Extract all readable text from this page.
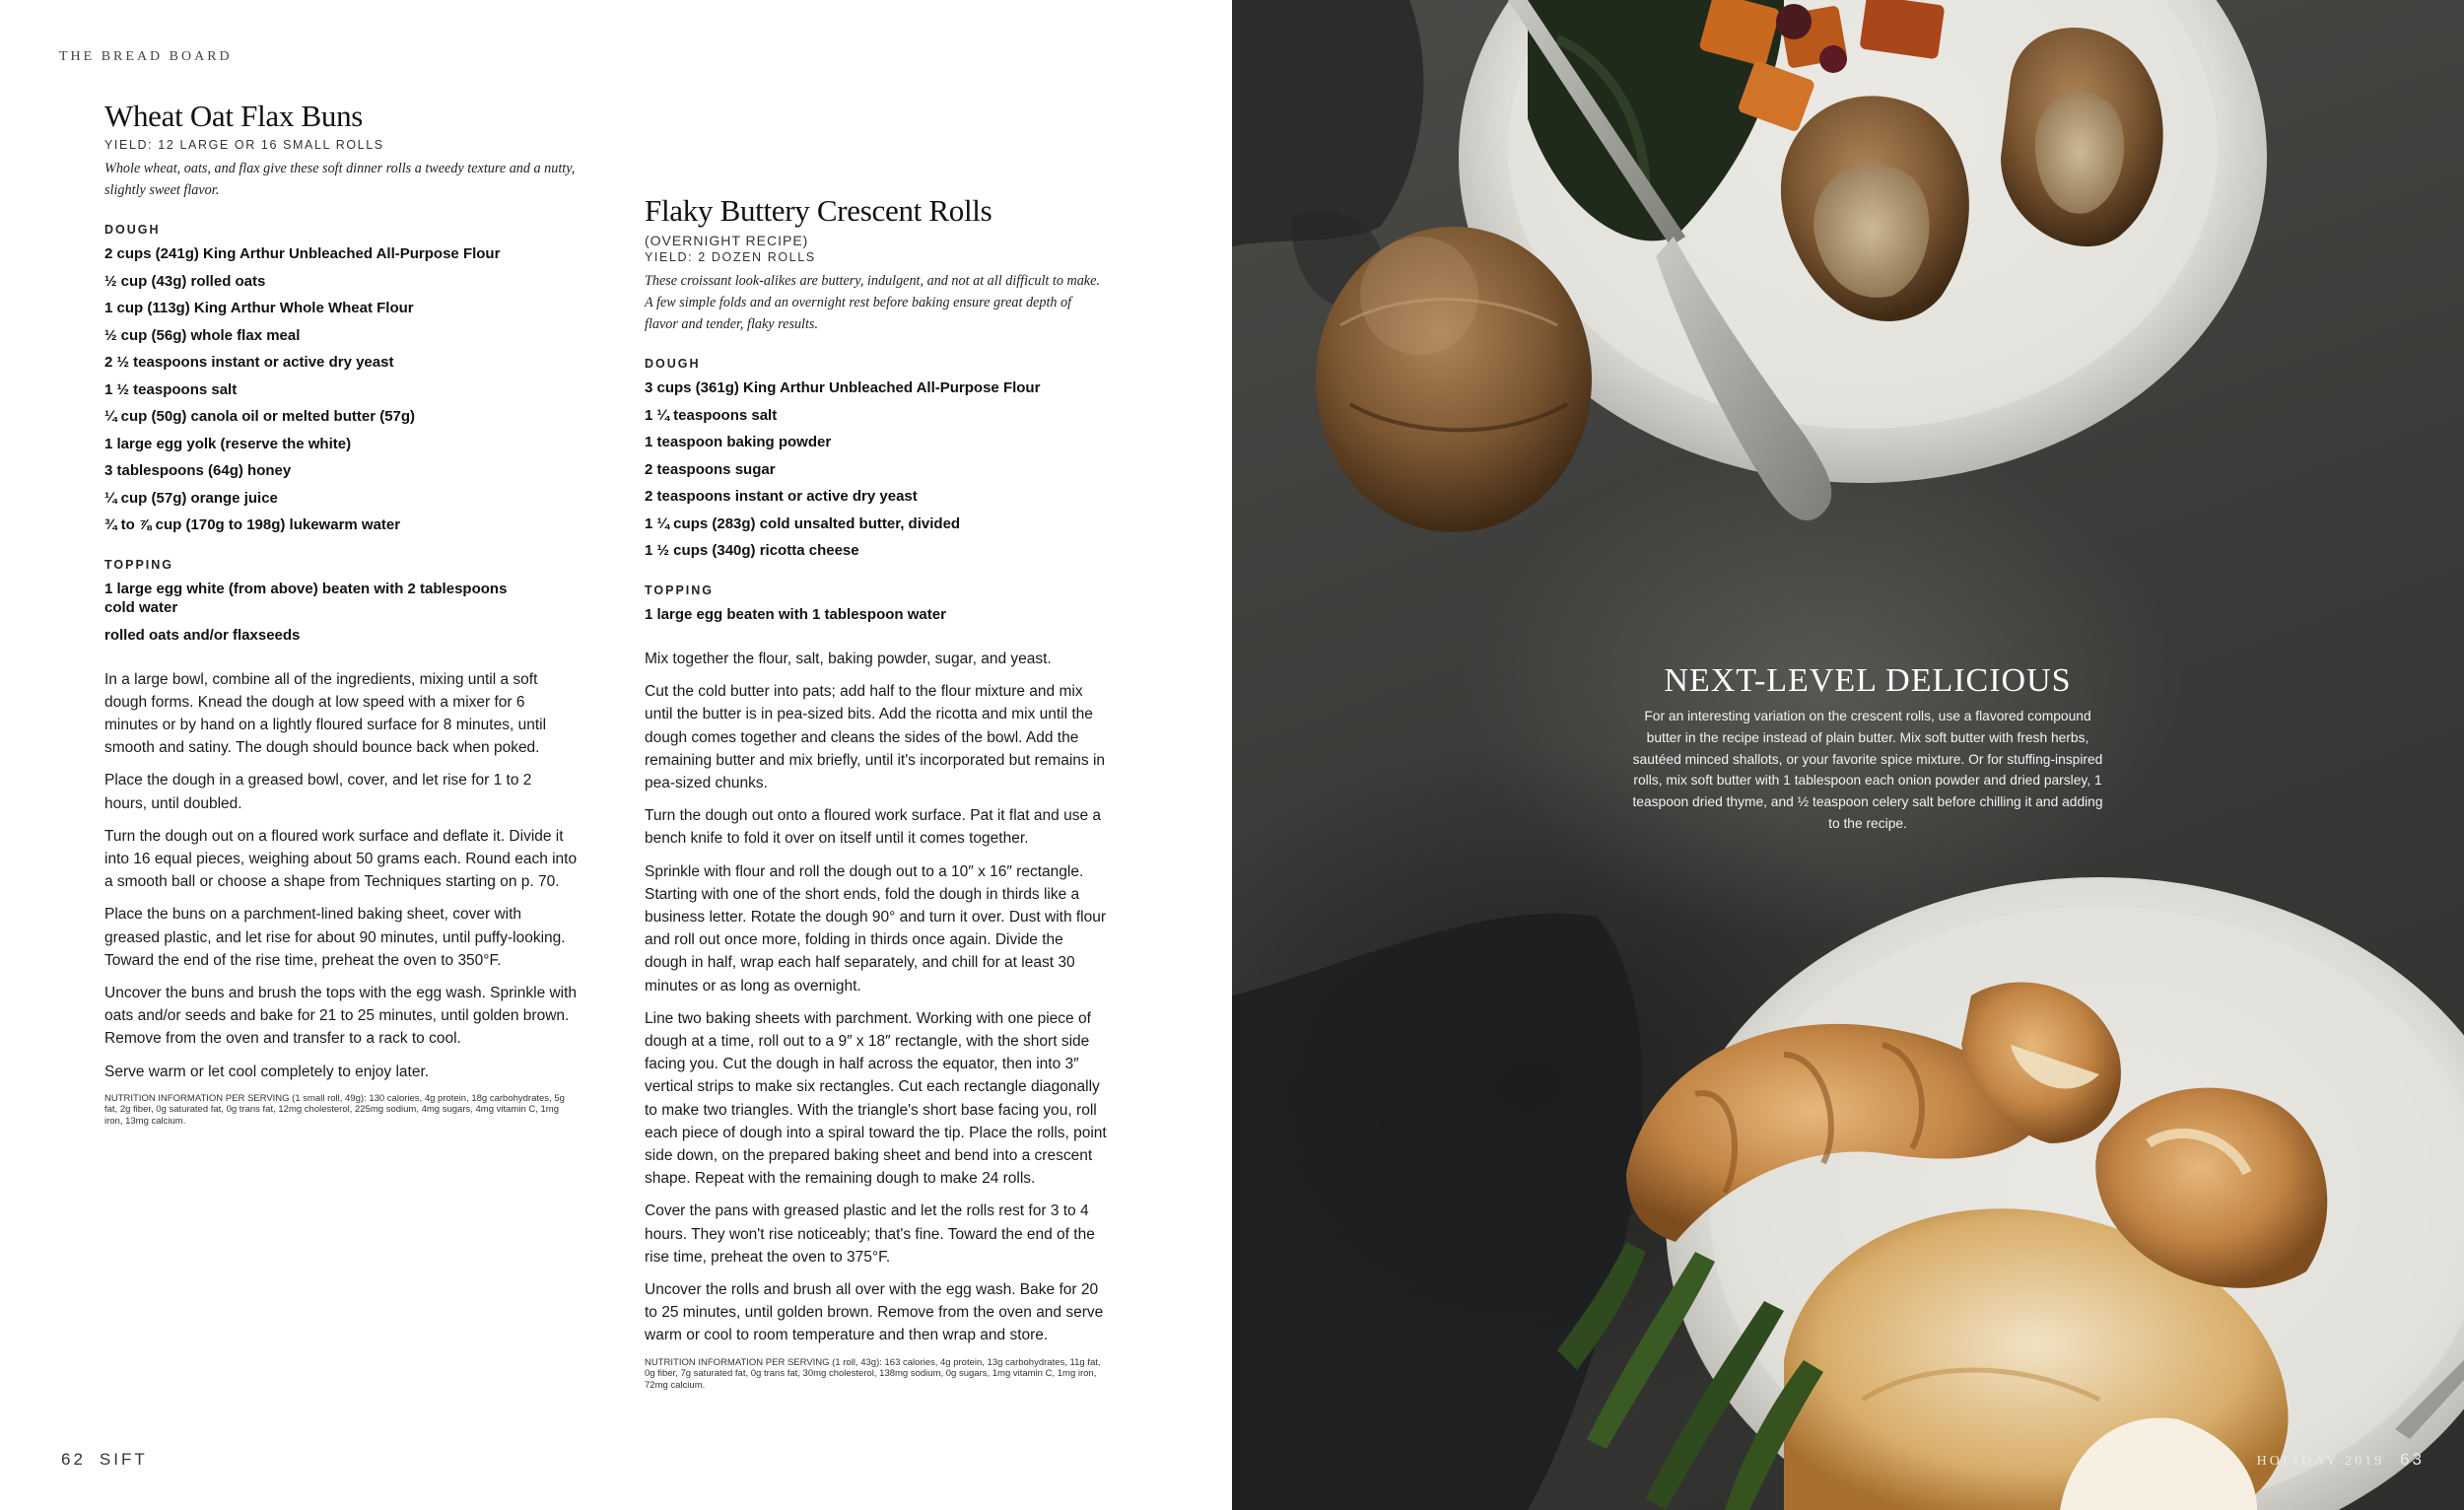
THE BREAD BOARD
Wheat Oat Flax Buns
YIELD: 12 LARGE OR 16 SMALL ROLLS
Whole wheat, oats, and flax give these soft dinner rolls a tweedy texture and a nutty, slightly sweet flavor.
DOUGH
2 cups (241g) King Arthur Unbleached All-Purpose Flour
½ cup (43g) rolled oats
1 cup (113g) King Arthur Whole Wheat Flour
½ cup (56g) whole flax meal
2 ½ teaspoons instant or active dry yeast
1 ½ teaspoons salt
¼ cup (50g) canola oil or melted butter (57g)
1 large egg yolk (reserve the white)
3 tablespoons (64g) honey
¼ cup (57g) orange juice
¾ to ⅞ cup (170g to 198g) lukewarm water
TOPPING
1 large egg white (from above) beaten with 2 tablespoons cold water
rolled oats and/or flaxseeds

In a large bowl, combine all of the ingredients, mixing until a soft dough forms. Knead the dough at low speed with a mixer for 6 minutes or by hand on a lightly floured surface for 8 minutes, until smooth and satiny. The dough should bounce back when poked.

Place the dough in a greased bowl, cover, and let rise for 1 to 2 hours, until doubled.

Turn the dough out on a floured work surface and deflate it. Divide it into 16 equal pieces, weighing about 50 grams each. Round each into a smooth ball or choose a shape from Techniques starting on p. 70.

Place the buns on a parchment-lined baking sheet, cover with greased plastic, and let rise for about 90 minutes, until puffy-looking. Toward the end of the rise time, preheat the oven to 350°F.

Uncover the buns and brush the tops with the egg wash. Sprinkle with oats and/or seeds and bake for 21 to 25 minutes, until golden brown. Remove from the oven and transfer to a rack to cool.

Serve warm or let cool completely to enjoy later.

NUTRITION INFORMATION PER SERVING (1 small roll, 49g): 130 calories, 4g protein, 18g carbohydrates, 5g fat, 2g fiber, 0g saturated fat, 0g trans fat, 12mg cholesterol, 225mg sodium, 4mg sugars, 4mg vitamin C, 1mg iron, 13mg calcium.
Flaky Buttery Crescent Rolls
(OVERNIGHT RECIPE)
YIELD: 2 DOZEN ROLLS
These croissant look-alikes are buttery, indulgent, and not at all difficult to make. A few simple folds and an overnight rest before baking ensure great depth of flavor and tender, flaky results.
DOUGH
3 cups (361g) King Arthur Unbleached All-Purpose Flour
1 ¼ teaspoons salt
1 teaspoon baking powder
2 teaspoons sugar
2 teaspoons instant or active dry yeast
1 ¼ cups (283g) cold unsalted butter, divided
1 ½ cups (340g) ricotta cheese
TOPPING
1 large egg beaten with 1 tablespoon water

Mix together the flour, salt, baking powder, sugar, and yeast.

Cut the cold butter into pats; add half to the flour mixture and mix until the butter is in pea-sized bits. Add the ricotta and mix until the dough comes together and cleans the sides of the bowl. Add the remaining butter and mix briefly, until it's incorporated but remains in pea-sized chunks.

Turn the dough out onto a floured work surface. Pat it flat and use a bench knife to fold it over on itself until it comes together.

Sprinkle with flour and roll the dough out to a 10″ x 16″ rectangle. Starting with one of the short ends, fold the dough in thirds like a business letter. Rotate the dough 90° and turn it over. Dust with flour and roll out once more, folding in thirds once again. Divide the dough in half, wrap each half separately, and chill for at least 30 minutes or as long as overnight.

Line two baking sheets with parchment. Working with one piece of dough at a time, roll out to a 9″ x 18″ rectangle, with the short side facing you. Cut the dough in half across the equator, then into 3″ vertical strips to make six rectangles. Cut each rectangle diagonally to make two triangles. With the triangle's short base facing you, roll each piece of dough into a spiral toward the tip. Place the rolls, point side down, on the prepared baking sheet and bend into a crescent shape. Repeat with the remaining dough to make 24 rolls.

Cover the pans with greased plastic and let the rolls rest for 3 to 4 hours. They won't rise noticeably; that's fine. Toward the end of the rise time, preheat the oven to 375°F.

Uncover the rolls and brush all over with the egg wash. Bake for 20 to 25 minutes, until golden brown. Remove from the oven and serve warm or cool to room temperature and then wrap and store.

NUTRITION INFORMATION PER SERVING (1 roll, 43g): 163 calories, 4g protein, 13g carbohydrates, 11g fat, 0g fiber, 7g saturated fat, 0g trans fat, 30mg cholesterol, 138mg sodium, 0g sugars, 1mg vitamin C, 1mg iron, 72mg calcium.
62 SIFT
NEXT-LEVEL DELICIOUS

For an interesting variation on the crescent rolls, use a flavored compound butter in the recipe instead of plain butter. Mix soft butter with fresh herbs, sautéed minced shallots, or your favorite spice mixture. Or for stuffing-inspired rolls, mix soft butter with 1 tablespoon each onion powder and dried parsley, 1 teaspoon dried thyme, and ½ teaspoon celery salt before chilling it and adding to the recipe.

HOLIDAY 2019 63
